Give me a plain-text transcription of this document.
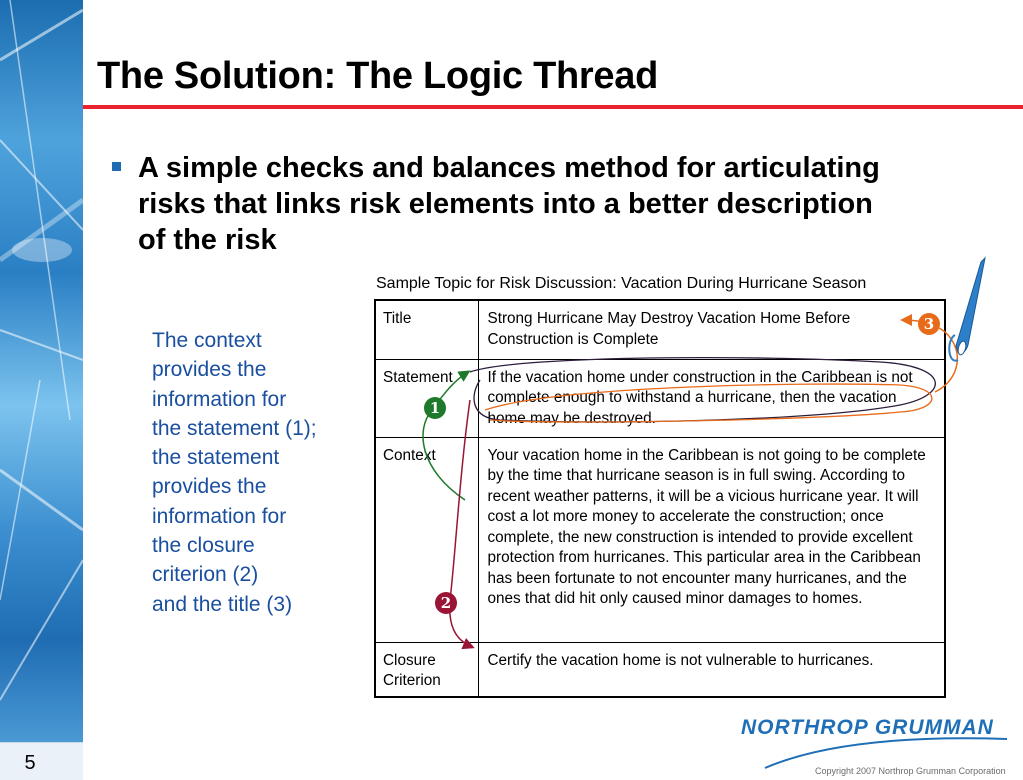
5
The Solution: The Logic Thread
A simple checks and balances method for articulating risks that links risk elements into a better description of the risk
The context
provides the
information for
the statement (1);
the statement
provides the
information for
the closure
criterion (2)
and the title (3)
Sample Topic for Risk Discussion: Vacation During Hurricane Season
Title	Strong Hurricane May Destroy Vacation Home Before Construction is Complete
Statement	If the vacation home under construction in the Caribbean is not complete enough to withstand a hurricane, then the vacation home may be destroyed.
Context	Your vacation home in the Caribbean is not going to be complete by the time that hurricane season is in full swing. According to recent weather patterns, it will be a vicious hurricane year. It will cost a lot more money to accelerate the construction; once complete, the new construction is intended to provide excellent protection from hurricanes. This particular area in the Caribbean has been fortunate to not encounter many hurricanes, and the ones that did hit only caused minor damages to homes.
Closure
Criterion	Certify the vacation home is not vulnerable to hurricanes.
1
2
3
NORTHROP GRUMMAN
Copyright 2007 Northrop Grumman Corporation
